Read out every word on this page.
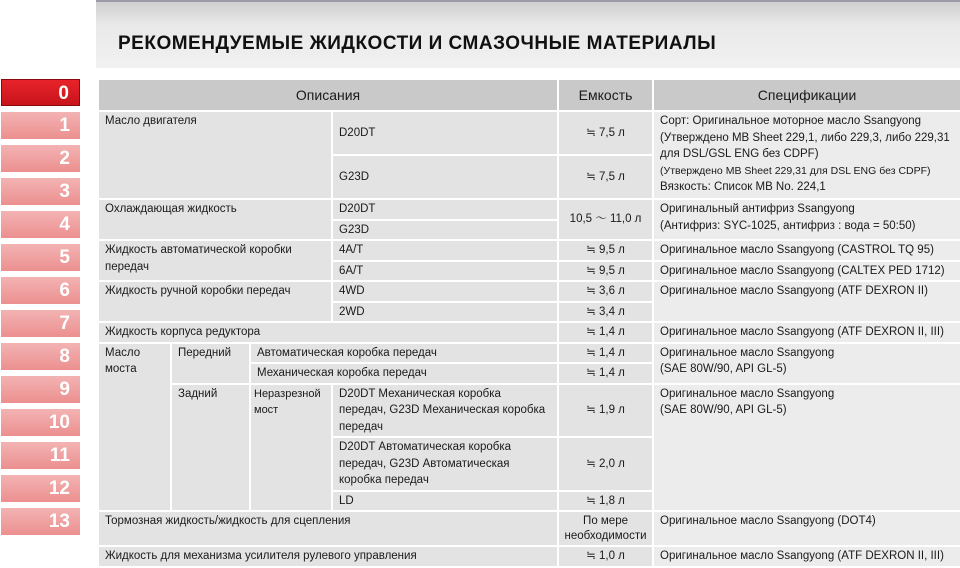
РЕКОМЕНДУЕМЫЕ ЖИДКОСТИ И СМАЗОЧНЫЕ МАТЕРИАЛЫ
0
1
2
3
4
5
6
7
8
9
10
11
12
13
Описания				Емкость	Спецификации
Масло двигателя			D20DT	≒ 7,5 л	Сорт: Оригинальное моторное масло Ssangyong (Утверждено MB Sheet 229,1, либо 229,3, либо 229,31 для DSL/GSL ENG без CDPF)
(Утверждено MB Sheet 229,31 для DSL ENG без CDPF)
Вязкость: Список MB No. 224,1

			G23D	≒ 7,5 л	
Охлаждающая жидкость			D20DT	10,5 ～ 11,0 л	Оригинальный антифриз Ssangyong
(Антифриз: SYC-1025, антифриз : вода = 50:50)

			G23D		
Жидкость автоматической коробки передач			4A/T	≒ 9,5 л	Оригинальное масло Ssangyong (CASTROL TQ 95)
			6A/T	≒ 9,5 л	Оригинальное масло Ssangyong (CALTEX PED 1712)
Жидкость ручной коробки передач			4WD	≒ 3,6 л	Оригинальное масло Ssangyong (ATF DEXRON II)
			2WD	≒ 3,4 л	
Жидкость корпуса редуктора				≒ 1,4 л	Оригинальное масло Ssangyong (ATF DEXRON II, III)
Масло моста	Передний	Автоматическая коробка передач		≒ 1,4 л	Оригинальное масло Ssangyong
(SAE 80W/90, API GL-5)

		Механическая коробка передач		≒ 1,4 л	
	Задний	Неразрезной мост	D20DT Механическая коробка передач, G23D Механическая коробка передач	≒ 1,9 л	Оригинальное масло Ssangyong
(SAE 80W/90, API GL-5)

			D20DT Автоматическая коробка передач, G23D Автоматическая коробка передач	≒ 2,0 л	

			LD	≒ 1,8 л	
Тормозная жидкость/жидкость для сцепления				По мере необходимости	Оригинальное масло Ssangyong (DOT4)
Жидкость для механизма усилителя рулевого управления				≒ 1,0 л	Оригинальное масло Ssangyong (ATF DEXRON II, III)
